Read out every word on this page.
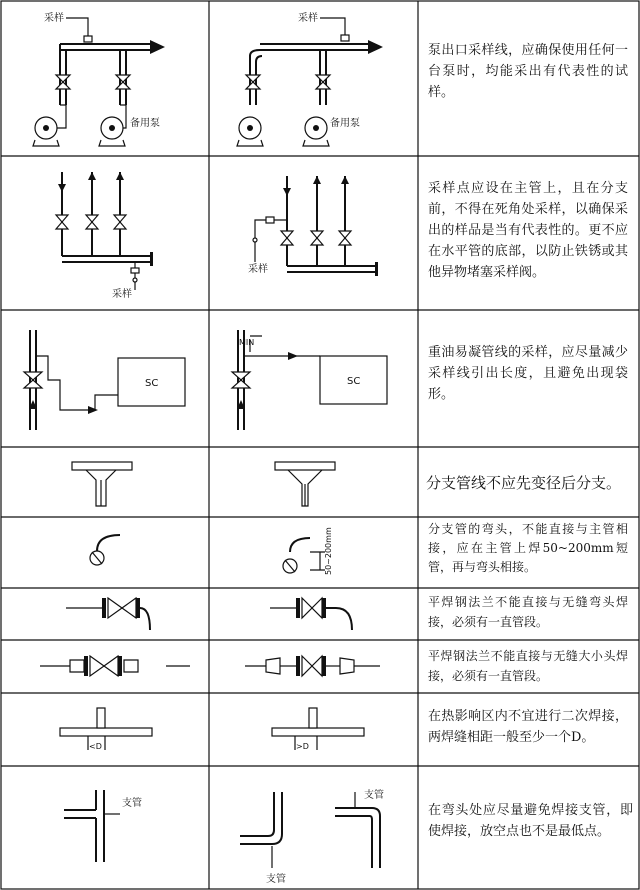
采样
备用泵
采样
备用泵
采样
采样
SC	SC
MIN
50~200mm
<D	>D
支管
支管
支管
泵出口采样线，应确保使用任何一台泵时，均能采出有代表性的试样。
采样点应设在主管上，且在分支前，不得在死角处采样，以确保采出的样品是当有代表性的。更不应在水平管的底部，以防止铁锈或其他异物堵塞采样阀。
重油易凝管线的采样，应尽量减少采样线引出长度，且避免出现袋形。
分支管线不应先变径后分支。
分支管的弯头，不能直接与主管相接，应在主管上焊50~200mm短管，再与弯头相接。
平焊钢法兰不能直接与无缝弯头焊接，必须有一直管段。
平焊钢法兰不能直接与无缝大小头焊接，必须有一直管段。
在热影响区内不宜进行二次焊接，两焊缝相距一般至少一个D。
在弯头处应尽量避免焊接支管，即使焊接，放空点也不是最低点。
